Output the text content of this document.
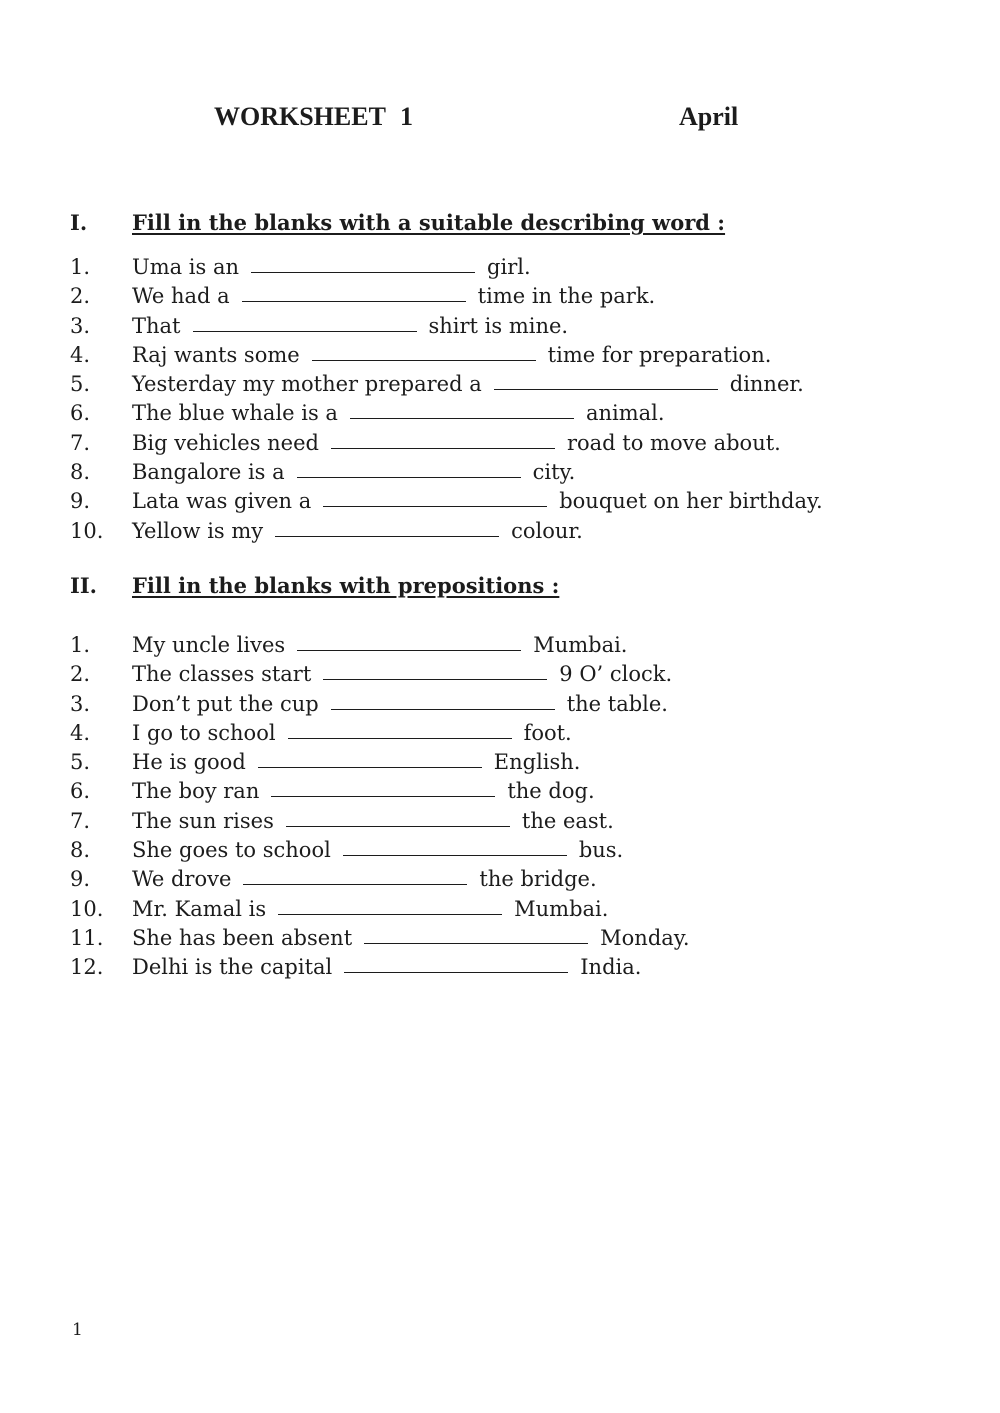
WORKSHEET 1	April
I. Fill in the blanks with a suitable describing word :
1. Uma is an	girl.
2. We had a	time in the park.
3. That	shirt is mine.
4. Raj wants some	time for preparation.
5. Yesterday my mother prepared a	dinner.
6. The blue whale is a	animal.
7. Big vehicles need	road to move about.
8. Bangalore is a	city.
9. Lata was given a	bouquet on her birthday.
10. Yellow is my	colour.
II. Fill in the blanks with prepositions :
1. My uncle lives	Mumbai.
2. The classes start	9 O’ clock.
3. Don’t put the cup	the table.
4. I go to school	foot.
5. He is good	English.
6. The boy ran	the dog.
7. The sun rises	the east.
8. She goes to school	bus.
9. We drove	the bridge.
10. Mr. Kamal is	Mumbai.
11. She has been absent	Monday.
12. Delhi is the capital	India.
1
